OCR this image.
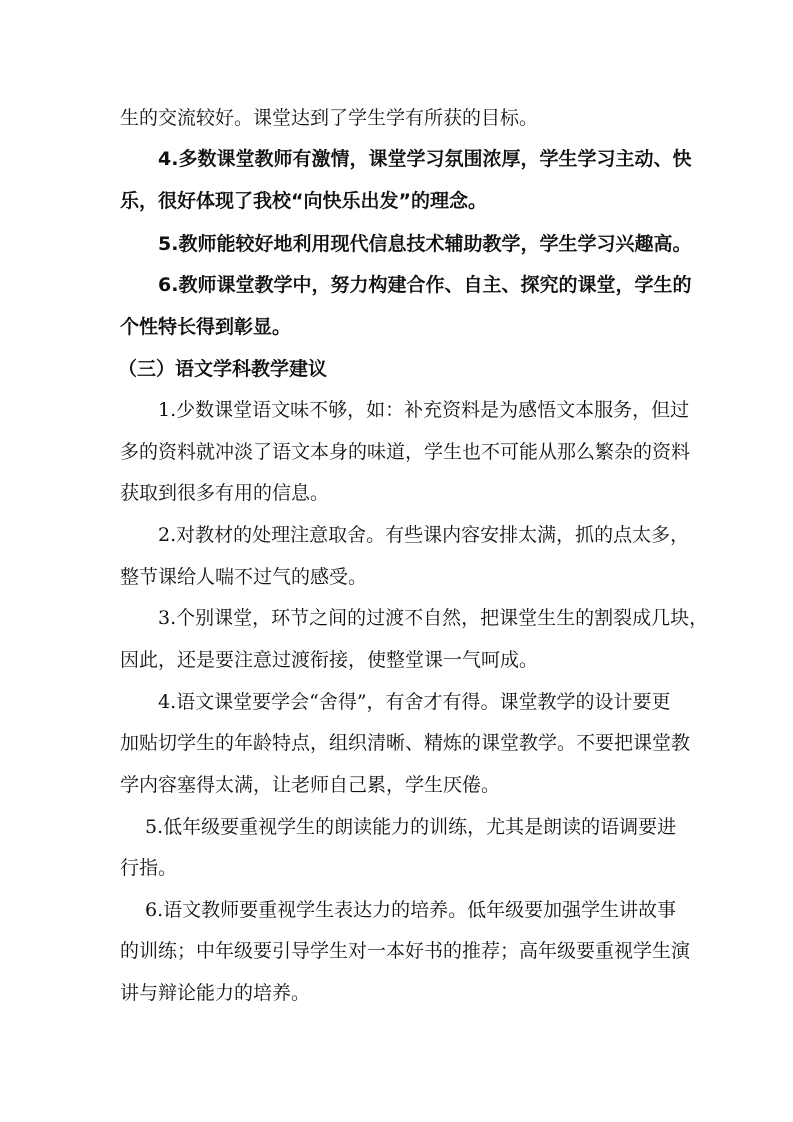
生的交流较好。课堂达到了学生学有所获的目标。
4.多数课堂教师有激情，课堂学习氛围浓厚，学生学习主动、快
乐，很好体现了我校“向快乐出发”的理念。
5.教师能较好地利用现代信息技术辅助教学，学生学习兴趣高。
6.教师课堂教学中，努力构建合作、自主、探究的课堂，学生的
个性特长得到彰显。
（三）语文学科教学建议
1.少数课堂语文味不够，如：补充资料是为感悟文本服务，但过
多的资料就冲淡了语文本身的味道，学生也不可能从那么繁杂的资料
获取到很多有用的信息。
2.对教材的处理注意取舍。有些课内容安排太满，抓的点太多，
整节课给人喘不过气的感受。
3.个别课堂，环节之间的过渡不自然，把课堂生生的割裂成几块，
因此，还是要注意过渡衔接，使整堂课一气呵成。
4.语文课堂要学会“舍得”，有舍才有得。课堂教学的设计要更
加贴切学生的年龄特点，组织清晰、精炼的课堂教学。不要把课堂教
学内容塞得太满，让老师自己累，学生厌倦。
5.低年级要重视学生的朗读能力的训练，尤其是朗读的语调要进
行指。
6.语文教师要重视学生表达力的培养。低年级要加强学生讲故事
的训练；中年级要引导学生对一本好书的推荐；高年级要重视学生演
讲与辩论能力的培养。
